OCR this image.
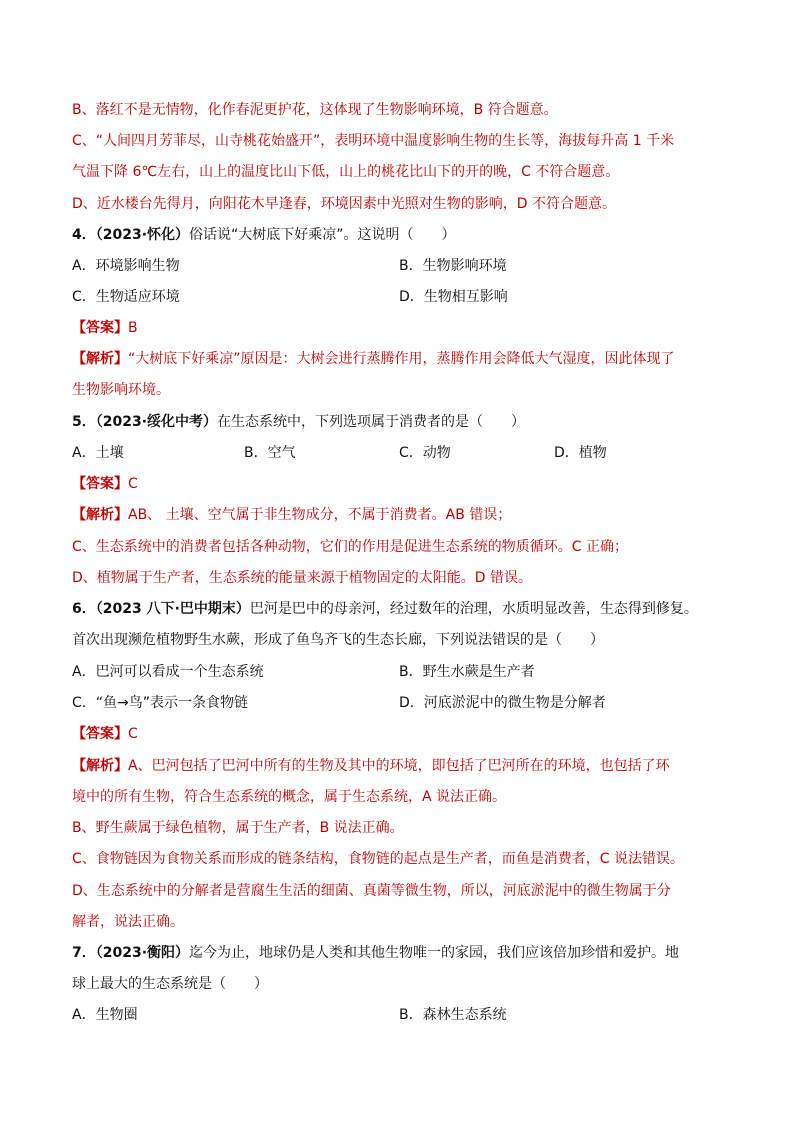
B、落红不是无情物，化作春泥更护花，这体现了生物影响环境，B 符合题意。
C、“人间四月芳菲尽，山寺桃花始盛开”，表明环境中温度影响生物的生长等，海拔每升高 1 千米
气温下降 6℃左右，山上的温度比山下低，山上的桃花比山下的开的晚，C 不符合题意。
D、近水楼台先得月，向阳花木早逢春，环境因素中光照对生物的影响，D 不符合题意。
4．（2023·怀化）俗话说“大树底下好乘凉”。这说明（　　）
A．环境影响生物	B．生物影响环境
C．生物适应环境	D．生物相互影响
【答案】B
【解析】“大树底下好乘凉”原因是：大树会进行蒸腾作用，蒸腾作用会降低大气湿度，因此体现了
生物影响环境。
5．（2023·绥化中考）在生态系统中，下列选项属于消费者的是（　　）
A．土壤	B．空气	C．动物	D．植物
【答案】C
【解析】AB、 土壤、空气属于非生物成分，不属于消费者。AB 错误；
C、生态系统中的消费者包括各种动物，它们的作用是促进生态系统的物质循环。C 正确；
D、植物属于生产者，生态系统的能量来源于植物固定的太阳能。D 错误。
6．（2023 八下·巴中期末）巴河是巴中的母亲河，经过数年的治理，水质明显改善，生态得到修复。
首次出现濒危植物野生水蕨，形成了鱼鸟齐飞的生态长廊，下列说法错误的是（　　）
A．巴河可以看成一个生态系统	B．野生水蕨是生产者
C．“鱼→鸟”表示一条食物链	D．河底淤泥中的微生物是分解者
【答案】C
【解析】A、巴河包括了巴河中所有的生物及其中的环境，即包括了巴河所在的环境，也包括了环
境中的所有生物，符合生态系统的概念，属于生态系统，A 说法正确。
B、野生蕨属于绿色植物，属于生产者，B 说法正确。
C、食物链因为食物关系而形成的链条结构，食物链的起点是生产者，而鱼是消费者，C 说法错误。
D、生态系统中的分解者是营腐生生活的细菌、真菌等微生物，所以，河底淤泥中的微生物属于分
解者，说法正确。
7．（2023·衡阳）迄今为止，地球仍是人类和其他生物唯一的家园，我们应该倍加珍惜和爱护。地
球上最大的生态系统是（　　）
A．生物圈	B．森林生态系统
